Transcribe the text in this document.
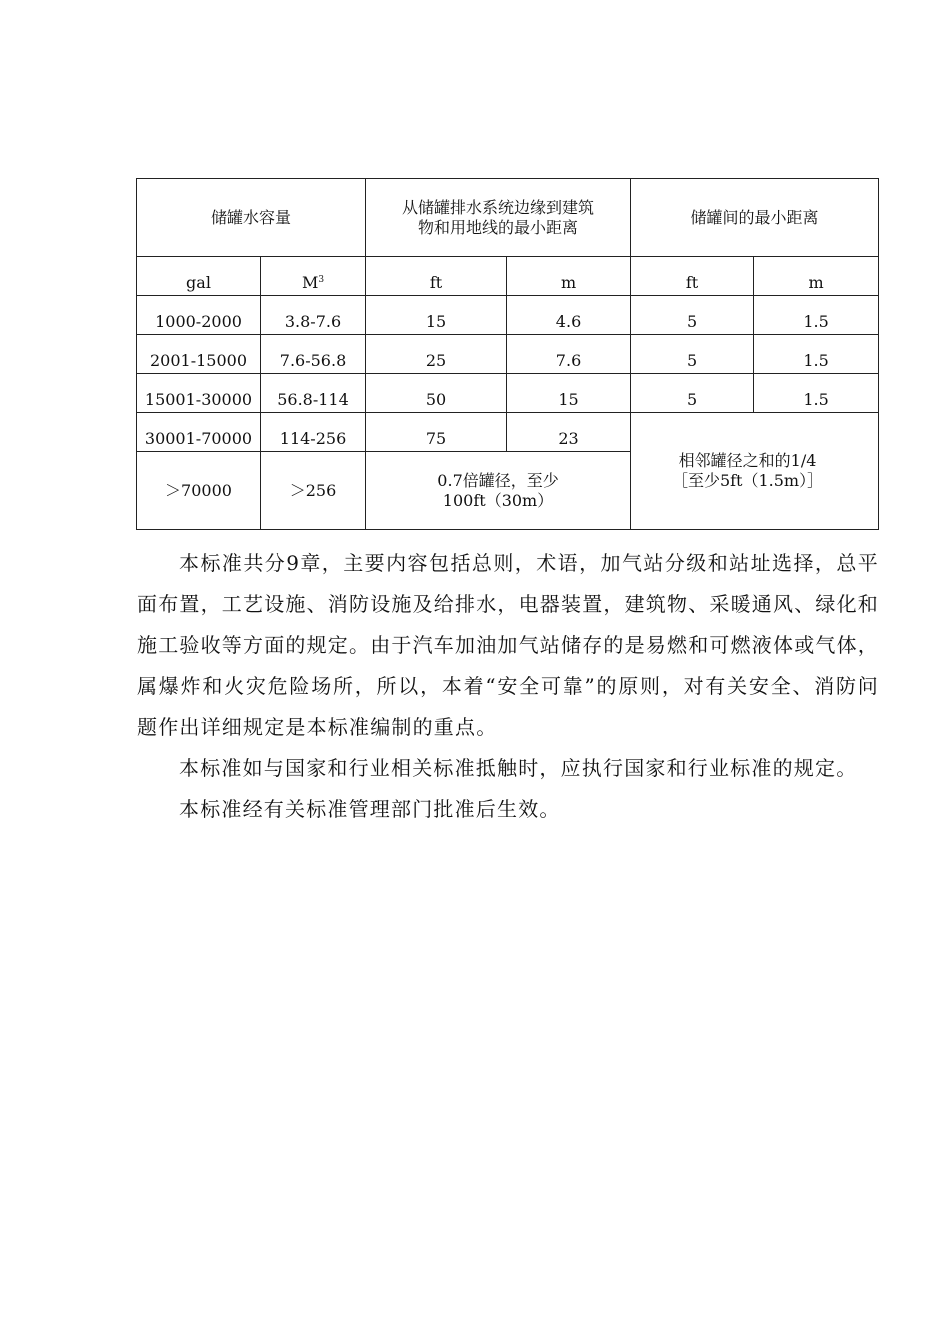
储罐水容量		从储罐排水系统边缘到建筑物和用地线的最小距离		储罐间的最小距离	
gal	$M^3$	ft	m	ft	m
1000-2000	3.8-7.6	15	4.6	5	1.5
2001-15000	7.6-56.8	25	7.6	5	1.5
15001-30000	56.8-114	50	15	5	1.5
30001-70000	114-256	75	23	相邻罐径之和的1/4［至少5ft（1.5m）］	
＞70000	＞256	0.7倍罐径，至少100ft（30m）			

本标准共分9章，主要内容包括总则，术语，加气站分级和站址选择，总平面布置，工艺设施、消防设施及给排水，电器装置，建筑物、采暖通风、绿化和施工验收等方面的规定。由于汽车加油加气站储存的是易燃和可燃液体或气体，属爆炸和火灾危险场所，所以，本着“安全可靠”的原则，对有关安全、消防问题作出详细规定是本标准编制的重点。

本标准如与国家和行业相关标准抵触时，应执行国家和行业标准的规定。

本标准经有关标准管理部门批准后生效。
